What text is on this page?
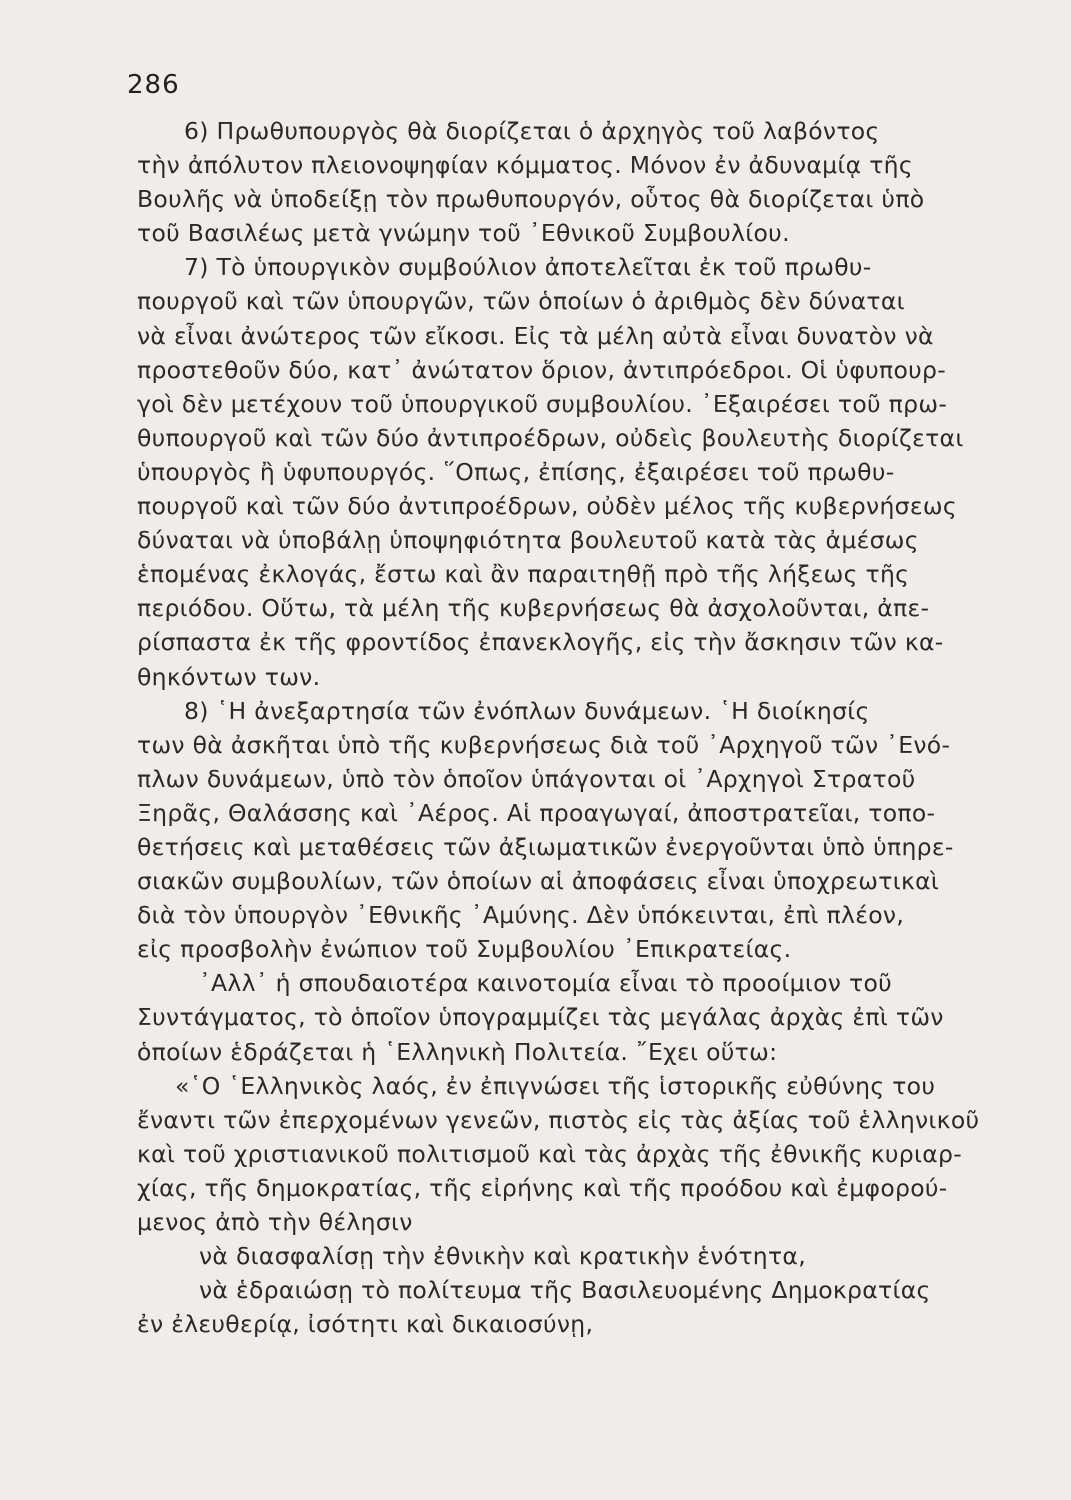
286
6) Πρωθυπουργὸς θὰ διορίζεται ὁ ἀρχηγὸς τοῦ λαβόντος
τὴν ἀπόλυτον πλειονοψηφίαν κόμματος. Μόνον ἐν ἀδυναμίᾳ τῆς
Βουλῆς νὰ ὑποδείξῃ τὸν πρωθυπουργόν, οὗτος θὰ διορίζεται ὑπὸ
τοῦ Βασιλέως μετὰ γνώμην τοῦ ᾿Εθνικοῦ Συμβουλίου.
7) Τὸ ὑπουργικὸν συμβούλιον ἀποτελεῖται ἐκ τοῦ πρωθυ-
πουργοῦ καὶ τῶν ὑπουργῶν, τῶν ὁποίων ὁ ἀριθμὸς δὲν δύναται
νὰ εἶναι ἀνώτερος τῶν εἴκοσι. Εἰς τὰ μέλη αὐτὰ εἶναι δυνατὸν νὰ
προστεθοῦν δύο, κατ᾿ ἀνώτατον ὅριον, ἀντιπρόεδροι. Οἱ ὑφυπουρ-
γοὶ δὲν μετέχουν τοῦ ὑπουργικοῦ συμβουλίου. ᾿Εξαιρέσει τοῦ πρω-
θυπουργοῦ καὶ τῶν δύο ἀντιπροέδρων, οὐδεὶς βουλευτὴς διορίζεται
ὑπουργὸς ἢ ὑφυπουργός. ῞Οπως, ἐπίσης, ἐξαιρέσει τοῦ πρωθυ-
πουργοῦ καὶ τῶν δύο ἀντιπροέδρων, οὐδὲν μέλος τῆς κυβερνήσεως
δύναται νὰ ὑποβάλῃ ὑποψηφιότητα βουλευτοῦ κατὰ τὰς ἀμέσως
ἑπομένας ἐκλογάς, ἔστω καὶ ἂν παραιτηθῇ πρὸ τῆς λήξεως τῆς
περιόδου. Οὕτω, τὰ μέλη τῆς κυβερνήσεως θὰ ἀσχολοῦνται, ἀπε-
ρίσπαστα ἐκ τῆς φροντίδος ἐπανεκλογῆς, εἰς τὴν ἄσκησιν τῶν κα-
θηκόντων των.
8) ῾Η ἀνεξαρτησία τῶν ἐνόπλων δυνάμεων. ῾Η διοίκησίς
των θὰ ἀσκῆται ὑπὸ τῆς κυβερνήσεως διὰ τοῦ ᾿Αρχηγοῦ τῶν ᾿Ενό-
πλων δυνάμεων, ὑπὸ τὸν ὁποῖον ὑπάγονται οἱ ᾿Αρχηγοὶ Στρατοῦ
Ξηρᾶς, Θαλάσσης καὶ ᾿Αέρος. Αἱ προαγωγαί, ἀποστρατεῖαι, τοπο-
θετήσεις καὶ μεταθέσεις τῶν ἀξιωματικῶν ἐνεργοῦνται ὑπὸ ὑπηρε-
σιακῶν συμβουλίων, τῶν ὁποίων αἱ ἀποφάσεις εἶναι ὑποχρεωτικαὶ
διὰ τὸν ὑπουργὸν ᾿Εθνικῆς ᾿Αμύνης. Δὲν ὑπόκεινται, ἐπὶ πλέον,
εἰς προσβολὴν ἐνώπιον τοῦ Συμβουλίου ᾿Επικρατείας.
᾿Αλλ᾿ ἡ σπουδαιοτέρα καινοτομία εἶναι τὸ προοίμιον τοῦ
Συντάγματος, τὸ ὁποῖον ὑπογραμμίζει τὰς μεγάλας ἀρχὰς ἐπὶ τῶν
ὁποίων ἑδράζεται ἡ ῾Ελληνικὴ Πολιτεία. ῎Εχει οὕτω:
«῾Ο ῾Ελληνικὸς λαός, ἐν ἐπιγνώσει τῆς ἱστορικῆς εὐθύνης του
ἔναντι τῶν ἐπερχομένων γενεῶν, πιστὸς εἰς τὰς ἀξίας τοῦ ἑλληνικοῦ
καὶ τοῦ χριστιανικοῦ πολιτισμοῦ καὶ τὰς ἀρχὰς τῆς ἐθνικῆς κυριαρ-
χίας, τῆς δημοκρατίας, τῆς εἰρήνης καὶ τῆς προόδου καὶ ἐμφορού-
μενος ἀπὸ τὴν θέλησιν
νὰ διασφαλίσῃ τὴν ἐθνικὴν καὶ κρατικὴν ἑνότητα,
νὰ ἑδραιώσῃ τὸ πολίτευμα τῆς Βασιλευομένης Δημοκρατίας
ἐν ἐλευθερίᾳ, ἰσότητι καὶ δικαιοσύνῃ,
